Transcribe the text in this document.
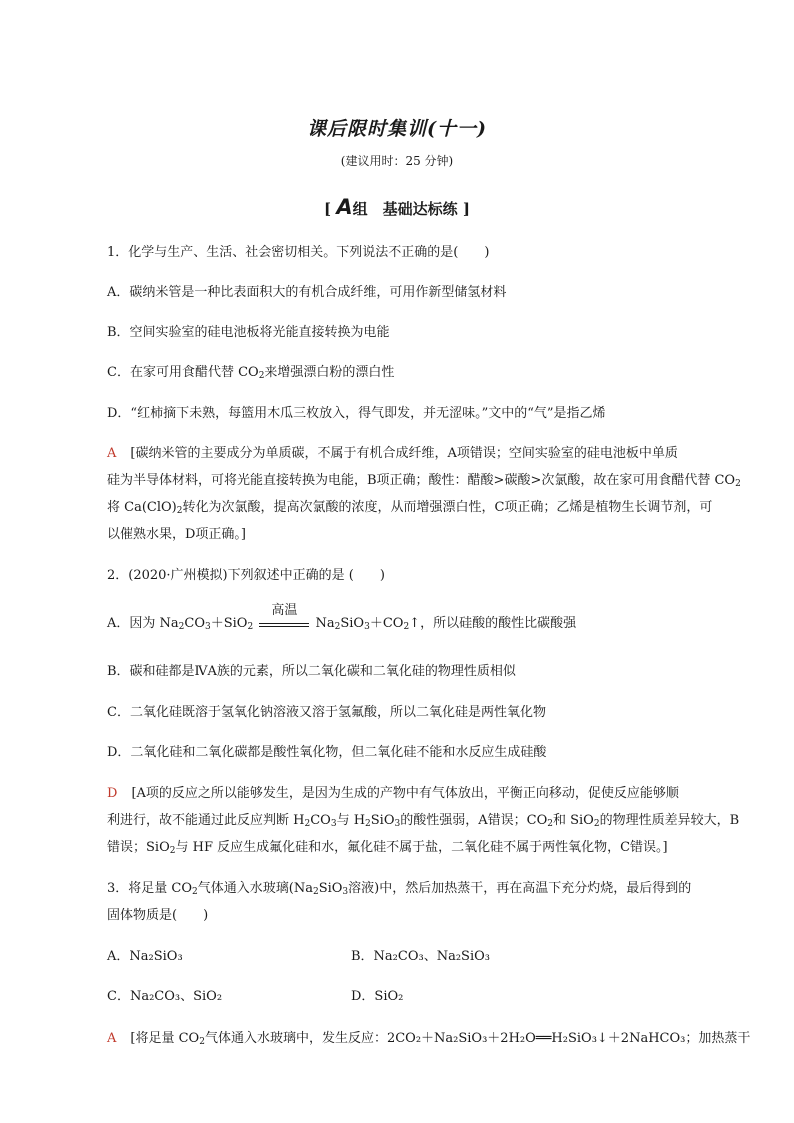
课后限时集训(十一)
(建议用时：25 分钟)
[ A组　基础达标练 ]
1．化学与生产、生活、社会密切相关。下列说法不正确的是(　　)
A．碳纳米管是一种比表面积大的有机合成纤维，可用作新型储氢材料
B．空间实验室的硅电池板将光能直接转换为电能
C．在家可用食醋代替 $CO_2$来增强漂白粉的漂白性
D．“红柿摘下未熟，每篮用木瓜三枚放入，得气即发，并无涩味。”文中的“气”是指乙烯
A [碳纳米管的主要成分为单质碳，不属于有机合成纤维，A项错误；空间实验室的硅电池板中单质
硅为半导体材料，可将光能直接转换为电能，B项正确；酸性：醋酸>碳酸>次氯酸，故在家可用食醋代替 $CO_2$
将 $Ca(ClO)_2$转化为次氯酸，提高次氯酸的浓度，从而增强漂白性，C项正确；乙烯是植物生长调节剂，可
以催熟水果，D项正确。]
2．(2020·广州模拟)下列叙述中正确的是 (　　)
A．因为 $Na_2CO_3+SiO_2$
高温
$Na_2SiO_3+CO_2↑$，所以硅酸的酸性比碳酸强
B．碳和硅都是ⅣA族的元素，所以二氧化碳和二氧化硅的物理性质相似
C．二氧化硅既溶于氢氧化钠溶液又溶于氢氟酸，所以二氧化硅是两性氧化物
D．二氧化硅和二氧化碳都是酸性氧化物，但二氧化硅不能和水反应生成硅酸
D [A项的反应之所以能够发生，是因为生成的产物中有气体放出，平衡正向移动，促使反应能够顺
利进行，故不能通过此反应判断 $H_2CO_3$与 $H_2SiO_3$的酸性强弱，A错误；$CO_2$和 SiO$_2$的物理性质差异较大，B
错误；SiO$_2$与 HF 反应生成氟化硅和水，氟化硅不属于盐，二氧化硅不属于两性氧化物，C错误。]
3．将足量 $CO_2$气体通入水玻璃($Na_2SiO_3$溶液)中，然后加热蒸干，再在高温下充分灼烧，最后得到的
固体物质是(　　)
A．Na₂SiO₃	B．Na₂CO₃、Na₂SiO₃
C．Na₂CO₃、SiO₂	D．SiO₂
A [将足量 $CO_2$气体通入水玻璃中，发生反应：2CO₂＋Na₂SiO₃＋2H₂O══H₂SiO₃↓＋2NaHCO₃；加热蒸干
